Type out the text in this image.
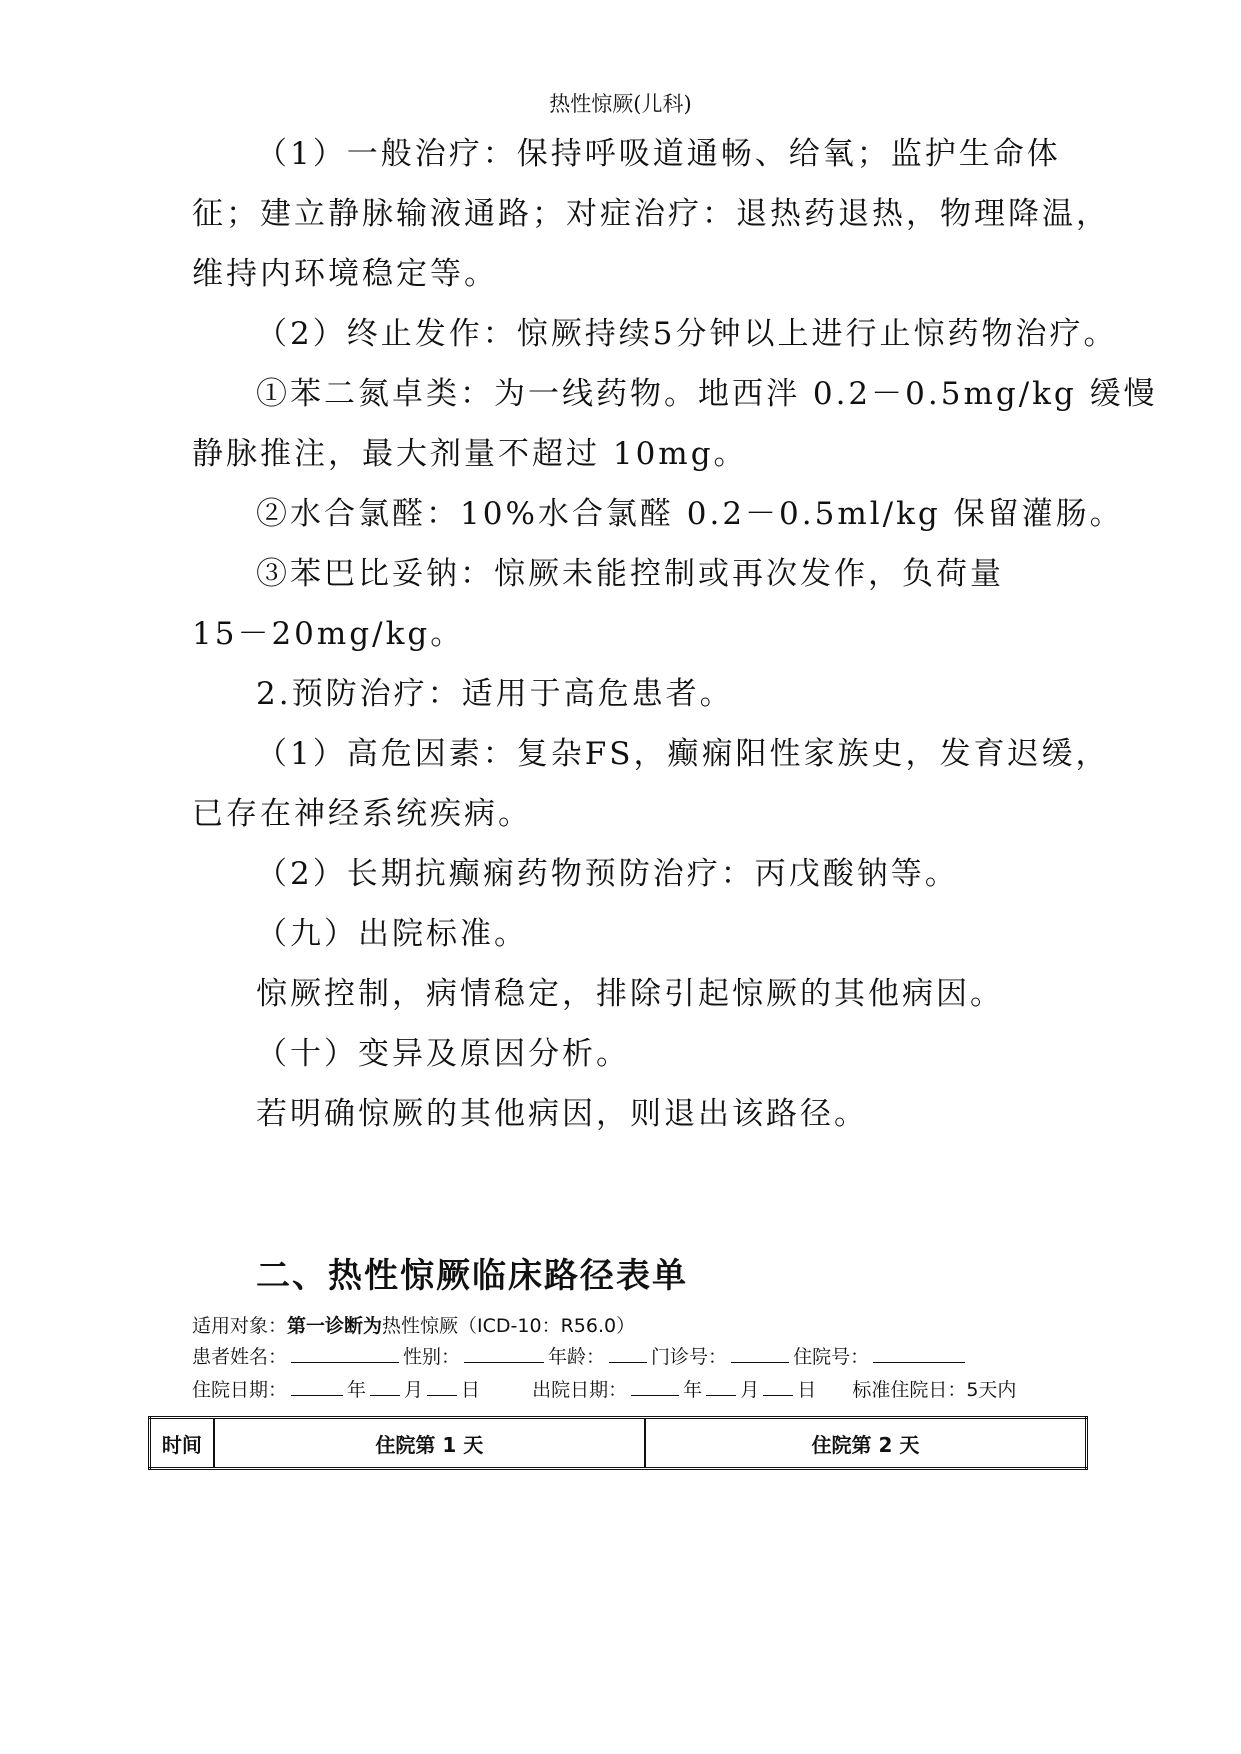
热性惊厥(儿科)
（1）一般治疗：保持呼吸道通畅、给氧；监护生命体
征；建立静脉输液通路；对症治疗：退热药退热，物理降温，
维持内环境稳定等。
（2）终止发作：惊厥持续5分钟以上进行止惊药物治疗。
①苯二氮卓类：为一线药物。地西泮 0.2－0.5mg/kg 缓慢
静脉推注，最大剂量不超过 10mg。
②水合氯醛：10%水合氯醛 0.2－0.5ml/kg 保留灌肠。
③苯巴比妥钠：惊厥未能控制或再次发作，负荷量
15－20mg/kg。
2.预防治疗：适用于高危患者。
（1）高危因素：复杂FS，癫痫阳性家族史，发育迟缓，
已存在神经系统疾病。
（2）长期抗癫痫药物预防治疗：丙戊酸钠等。
（九）出院标准。
惊厥控制，病情稳定，排除引起惊厥的其他病因。
（十）变异及原因分析。
若明确惊厥的其他病因，则退出该路径。
二、热性惊厥临床路径表单
适用对象：第一诊断为热性惊厥（ICD-10：R56.0）
患者姓名：	性别：	年龄： 门诊号：	住院号：
住院日期：	年 月 日	出院日期：	年 月 日 标准住院日：5天内
时间	住院第 1 天	住院第 2 天
